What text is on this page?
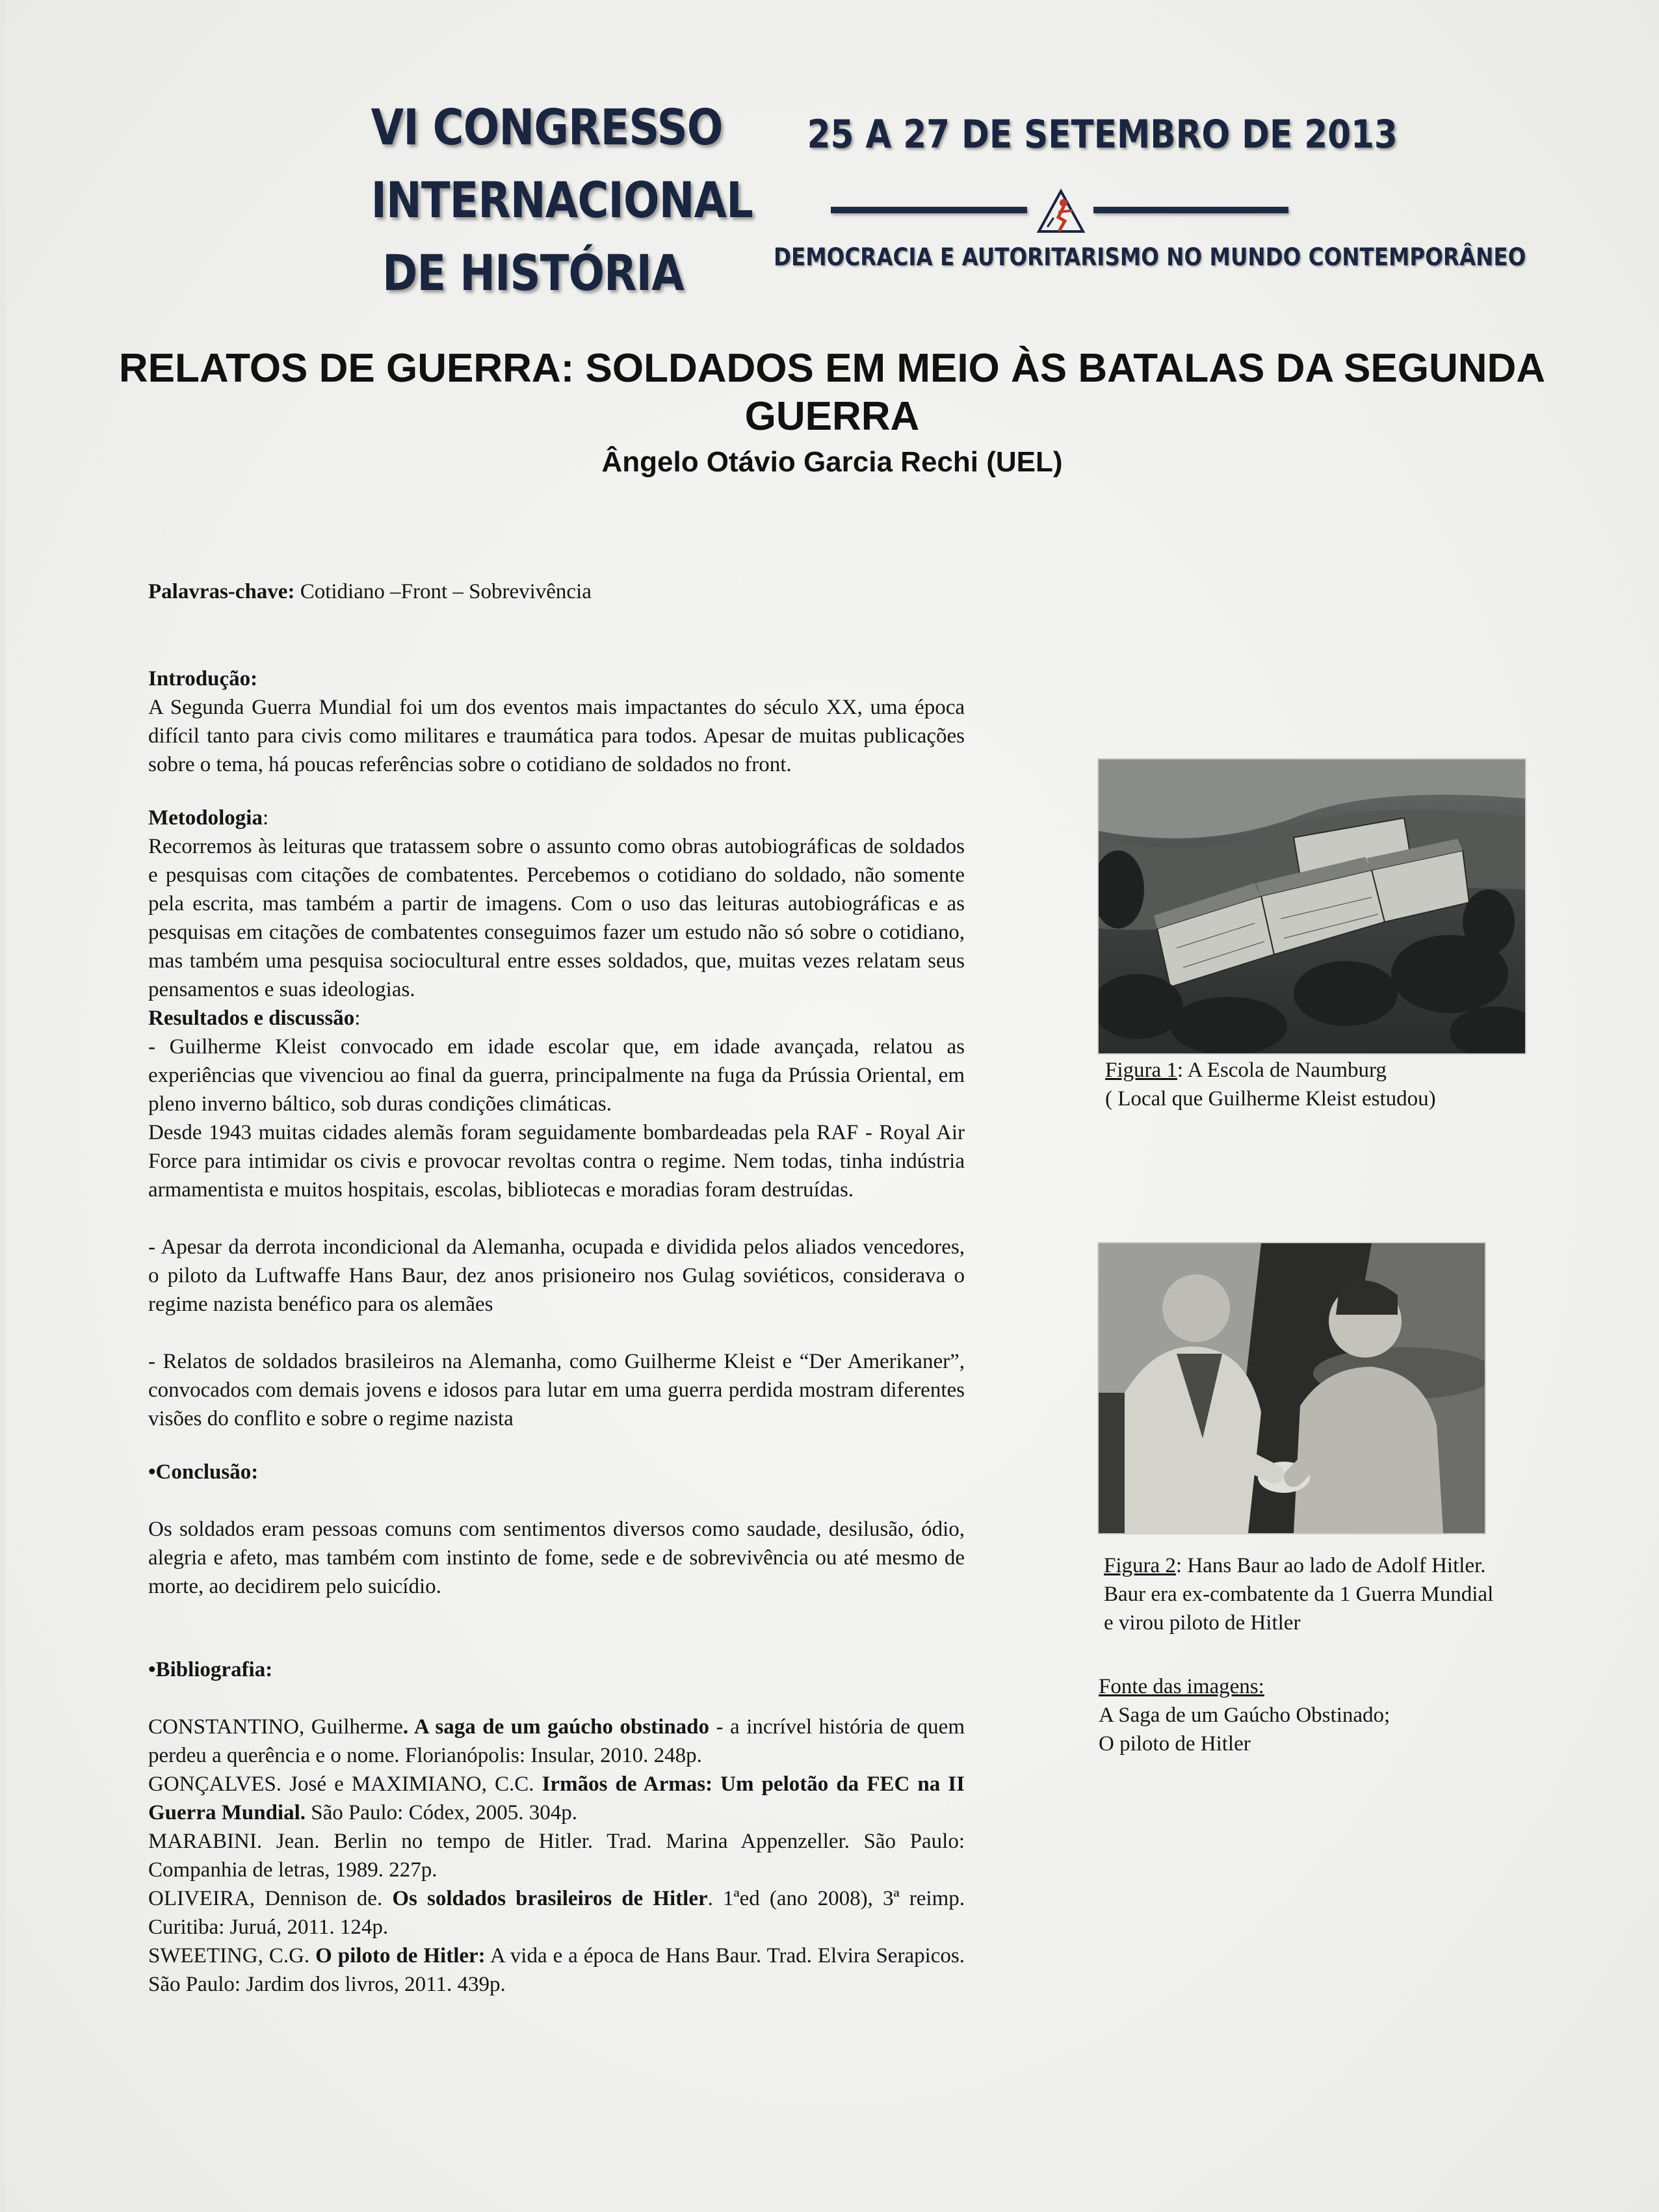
VI CONGRESSO
INTERNACIONAL
DE HISTÓRIA
25 A 27 DE SETEMBRO DE 2013
DEMOCRACIA E AUTORITARISMO NO MUNDO CONTEMPORÂNEO
RELATOS DE GUERRA: SOLDADOS EM MEIO ÀS BATALAS DA SEGUNDA
GUERRA
Ângelo Otávio Garcia Rechi (UEL)
Palavras-chave: Cotidiano –Front – Sobrevivência
Introdução:
A Segunda Guerra Mundial foi um dos eventos mais impactantes do século XX, uma época difícil tanto para civis como militares e traumática para todos. Apesar de muitas publicações sobre o tema, há poucas referências sobre o cotidiano de soldados no front.
Metodologia:
Recorremos às leituras que tratassem sobre o assunto como obras autobiográficas de soldados e pesquisas com citações de combatentes. Percebemos o cotidiano do soldado, não somente pela escrita, mas também a partir de imagens. Com o uso das leituras autobiográficas e as pesquisas em citações de combatentes conseguimos fazer um estudo não só sobre o cotidiano, mas também uma pesquisa sociocultural entre esses soldados, que, muitas vezes relatam seus pensamentos e suas ideologias.
Resultados e discussão:
- Guilherme Kleist convocado em idade escolar que, em idade avançada, relatou as experiências que vivenciou ao final da guerra, principalmente na fuga da Prússia Oriental, em pleno inverno báltico, sob duras condições climáticas.
Desde 1943 muitas cidades alemãs foram seguidamente bombardeadas pela RAF - Royal Air Force para intimidar os civis e provocar revoltas contra o regime. Nem todas, tinha indústria armamentista e muitos hospitais, escolas, bibliotecas e moradias foram destruídas.
- Apesar da derrota incondicional da Alemanha, ocupada e dividida pelos aliados vencedores, o piloto da Luftwaffe Hans Baur, dez anos prisioneiro nos Gulag soviéticos, considerava o regime nazista benéfico para os alemães
- Relatos de soldados brasileiros na Alemanha, como Guilherme Kleist e “Der Amerikaner”, convocados com demais jovens e idosos para lutar em uma guerra perdida mostram diferentes visões do conflito e sobre o regime nazista
•Conclusão:
Os soldados eram pessoas comuns com sentimentos diversos como saudade, desilusão, ódio, alegria e afeto, mas também com instinto de fome, sede e de sobrevivência ou até mesmo de morte, ao decidirem pelo suicídio.
•Bibliografia:
CONSTANTINO, Guilherme. A saga de um gaúcho obstinado - a incrível história de quem perdeu a querência e o nome. Florianópolis: Insular, 2010. 248p.
GONÇALVES. José e MAXIMIANO, C.C. Irmãos de Armas: Um pelotão da FEC na II Guerra Mundial. São Paulo: Códex, 2005. 304p.
MARABINI. Jean. Berlin no tempo de Hitler. Trad. Marina Appenzeller. São Paulo: Companhia de letras, 1989. 227p.
OLIVEIRA, Dennison de. Os soldados brasileiros de Hitler. 1ªed (ano 2008), 3ª reimp. Curitiba: Juruá, 2011. 124p.
SWEETING, C.G. O piloto de Hitler: A vida e a época de Hans Baur. Trad. Elvira Serapicos. São Paulo: Jardim dos livros, 2011. 439p.
Figura 1: A Escola de Naumburg
( Local que Guilherme Kleist estudou)
Figura 2: Hans Baur ao lado de Adolf Hitler.
Baur era ex-combatente da 1 Guerra Mundial
e virou piloto de Hitler
Fonte das imagens:
A Saga de um Gaúcho Obstinado;
O piloto de Hitler
